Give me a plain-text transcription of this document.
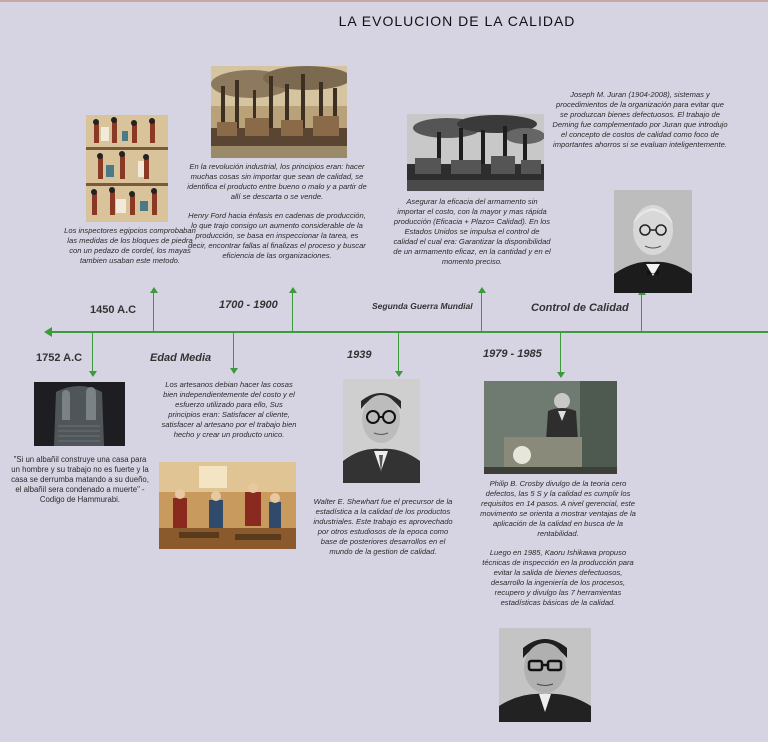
LA EVOLUCION DE LA CALIDAD
1450 A.C	1700 - 1900	Segunda Guerra Mundial	Control de Calidad
1752 A.C	Edad Media	1939	1979 - 1985

Los inspectores egipcios comprobaban las medidas de los bloques de piedra con un pedazo de cordel, los mayas tambien usaban este metodo.

En la revolución industrial, los principios eran: hacer muchas cosas sin importar que sean de calidad, se identifica el producto entre bueno o malo y a partir de allí se descarta o se vende.

Henry Ford hacia énfasis en cadenas de producción, lo que trajo consigo un aumento considerable de la producción, se basa en inspeccionar la tarea, es decir, encontrar fallas al finalizas el proceso y buscar eficiencia de las organizaciones.

Asegurar la eficacia del armamento sin importar el costo, con la mayor y mas rápida producción (Eficacia + Plazo= Calidad). En los Estados Unidos se impulsa el control de calidad el cual era: Garantizar la disponibilidad de un armamento eficaz, en la cantidad y en el momento preciso.

Joseph M. Juran (1904-2008), sistemas y procedimientos de la organización para evitar que se produzcan bienes defectuosos. El trabajo de Deming fue complementado por Juran que introdujo el concepto de costos de calidad como foco de importantes ahorros si se evaluan inteligentemente.

"Si un albañil construye una casa para un hombre y su trabajo no es fuerte y la casa se derrumba matando a su dueño, el albañil sera condenado a muerte" - Codigo de Hammurabi.

Los artesanos debian hacer las cosas bien independientemente del costo y el esfuerzo utilizado para ello, Sus principios eran: Satisfacer al cliente, satisfacer al artesano por el trabajo bien hecho y crear un producto unico.

Walter E. Shewhart fue el precursor de la estadística a la calidad de los productos industriales. Este trabajo es aprovechado por otros estudiosos de la epoca como base de posteriores desarrollos en el mundo de la gestion de calidad.

Philip B. Crosby divulgo de la teoria cero defectos, las 5 S y la calidad es cumplir los requisitos en 14 pasos. A nivel gerencial, este movimento se orienta a mostrar ventajas de la aplicación de la calidad en busca de la rentabilidad.

Luego en 1985, Kaoru Ishikawa propuso técnicas de inspección en la producción para evitar la salida de bienes defectuosos, desarrollo la ingeniería de los procesos, recupero y divulgo las 7 herramientas estadísticas básicas de la calidad.
